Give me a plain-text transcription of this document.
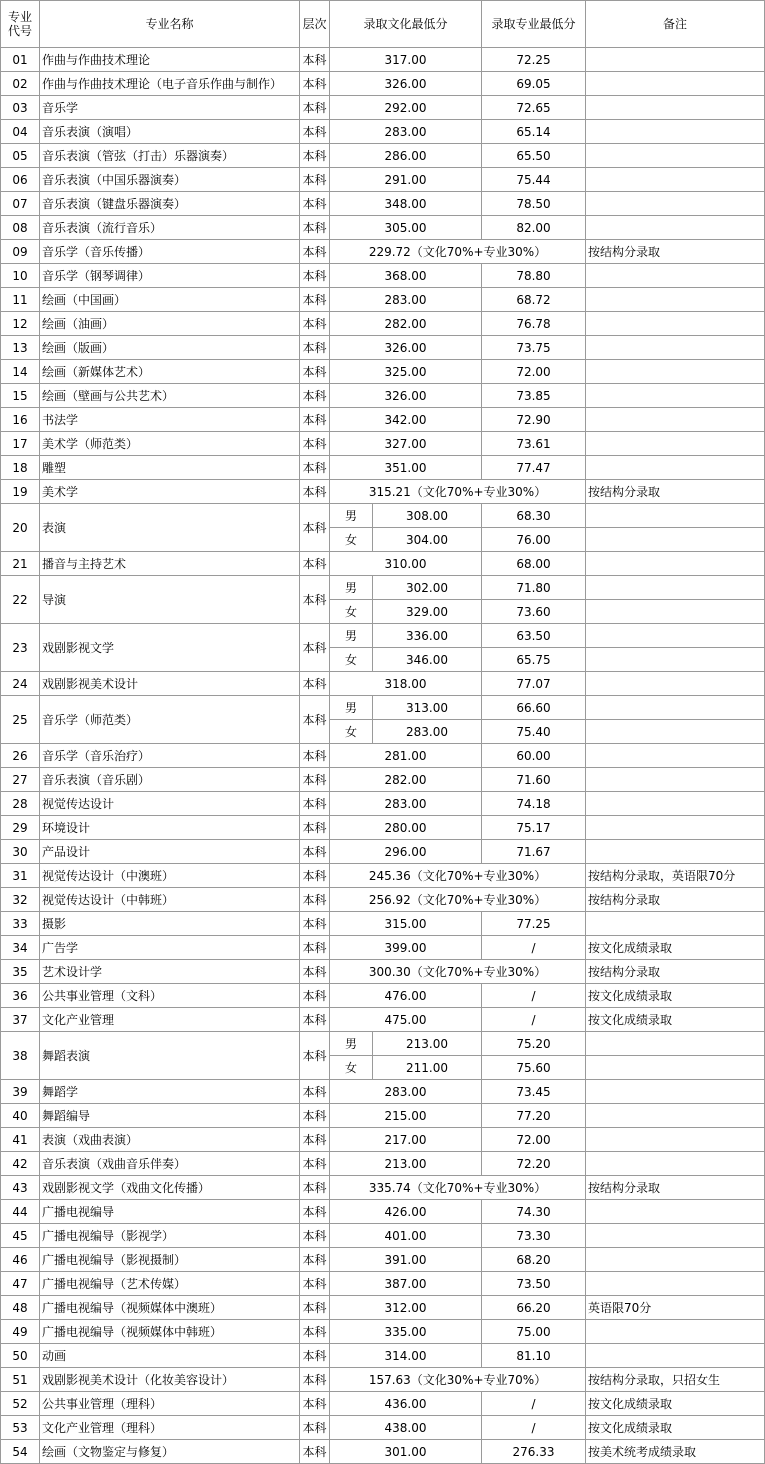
专业代号	专业名称	层次	录取文化最低分		录取专业最低分	备注
01	作曲与作曲技术理论	本科	317.00		72.25	
02	作曲与作曲技术理论（电子音乐作曲与制作）	本科	326.00		69.05	
03	音乐学	本科	292.00		72.65	
04	音乐表演（演唱）	本科	283.00		65.14	
05	音乐表演（管弦（打击）乐器演奏）	本科	286.00		65.50	
06	音乐表演（中国乐器演奏）	本科	291.00		75.44	
07	音乐表演（键盘乐器演奏）	本科	348.00		78.50	
08	音乐表演（流行音乐）	本科	305.00		82.00	
09	音乐学（音乐传播）	本科	229.72（文化70%+专业30%）			按结构分录取
10	音乐学（钢琴调律）	本科	368.00		78.80	
11	绘画（中国画）	本科	283.00		68.72	
12	绘画（油画）	本科	282.00		76.78	
13	绘画（版画）	本科	326.00		73.75	
14	绘画（新媒体艺术）	本科	325.00		72.00	
15	绘画（壁画与公共艺术）	本科	326.00		73.85	
16	书法学	本科	342.00		72.90	
17	美术学（师范类）	本科	327.00		73.61	
18	雕塑	本科	351.00		77.47	
19	美术学	本科	315.21（文化70%+专业30%）			按结构分录取
20	表演	本科	男	308.00	68.30	
			女	304.00	76.00	
21	播音与主持艺术	本科	310.00		68.00	
22	导演	本科	男	302.00	71.80	
			女	329.00	73.60	
23	戏剧影视文学	本科	男	336.00	63.50	
			女	346.00	65.75	
24	戏剧影视美术设计	本科	318.00		77.07	
25	音乐学（师范类）	本科	男	313.00	66.60	
			女	283.00	75.40	
26	音乐学（音乐治疗）	本科	281.00		60.00	
27	音乐表演（音乐剧）	本科	282.00		71.60	
28	视觉传达设计	本科	283.00		74.18	
29	环境设计	本科	280.00		75.17	
30	产品设计	本科	296.00		71.67	
31	视觉传达设计（中澳班）	本科	245.36（文化70%+专业30%）			按结构分录取，英语限70分
32	视觉传达设计（中韩班）	本科	256.92（文化70%+专业30%）			按结构分录取
33	摄影	本科	315.00		77.25	
34	广告学	本科	399.00		/	按文化成绩录取
35	艺术设计学	本科	300.30（文化70%+专业30%）			按结构分录取
36	公共事业管理（文科）	本科	476.00		/	按文化成绩录取
37	文化产业管理	本科	475.00		/	按文化成绩录取
38	舞蹈表演	本科	男	213.00	75.20	
			女	211.00	75.60	
39	舞蹈学	本科	283.00		73.45	
40	舞蹈编导	本科	215.00		77.20	
41	表演（戏曲表演）	本科	217.00		72.00	
42	音乐表演（戏曲音乐伴奏）	本科	213.00		72.20	
43	戏剧影视文学（戏曲文化传播）	本科	335.74（文化70%+专业30%）			按结构分录取
44	广播电视编导	本科	426.00		74.30	
45	广播电视编导（影视学）	本科	401.00		73.30	
46	广播电视编导（影视摄制）	本科	391.00		68.20	
47	广播电视编导（艺术传媒）	本科	387.00		73.50	
48	广播电视编导（视频媒体中澳班）	本科	312.00		66.20	英语限70分
49	广播电视编导（视频媒体中韩班）	本科	335.00		75.00	
50	动画	本科	314.00		81.10	
51	戏剧影视美术设计（化妆美容设计）	本科	157.63（文化30%+专业70%）			按结构分录取，只招女生
52	公共事业管理（理科）	本科	436.00		/	按文化成绩录取
53	文化产业管理（理科）	本科	438.00		/	按文化成绩录取
54	绘画（文物鉴定与修复）	本科	301.00		276.33	按美术统考成绩录取
